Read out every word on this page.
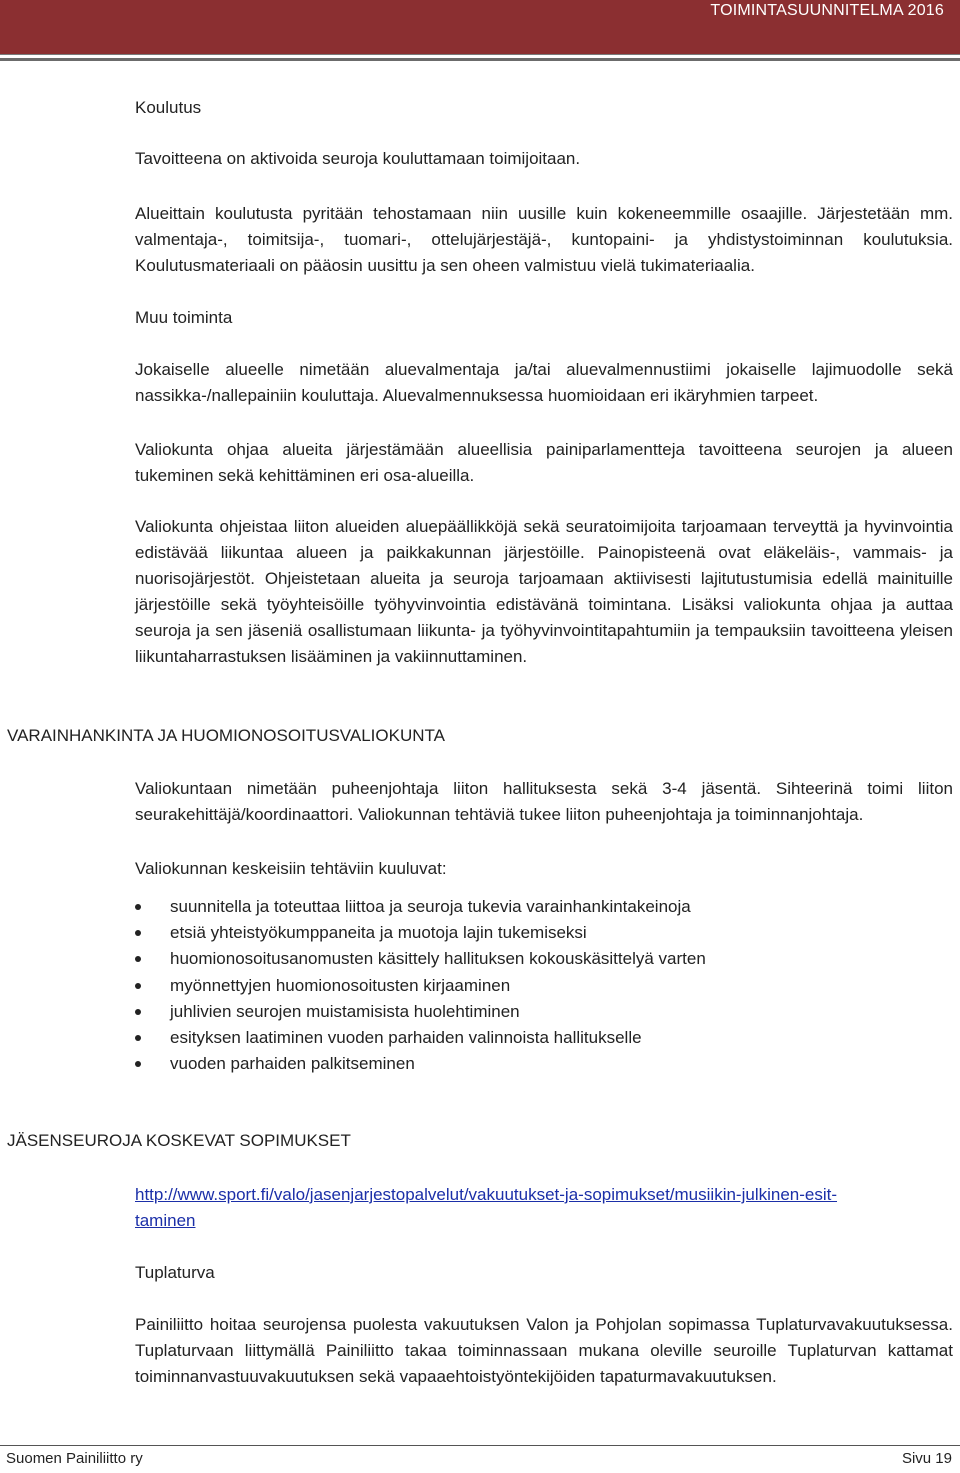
TOIMINTASUUNNITELMA 2016

Koulutus

Tavoitteena on aktivoida seuroja kouluttamaan toimijoitaan.

Alueittain koulutusta pyritään tehostamaan niin uusille kuin kokeneemmille osaajille. Järjestetään mm. valmentaja-, toimitsija-, tuomari-, ottelujärjestäjä-, kuntopaini- ja yhdistystoiminnan koulutuksia. Koulutusmateriaali on pääosin uusittu ja sen oheen valmistuu vielä tukimateriaalia.

Muu toiminta

Jokaiselle alueelle nimetään aluevalmentaja ja/tai aluevalmennustiimi jokaiselle lajimuodolle sekä nassikka-/nallepainiin kouluttaja. Aluevalmennuksessa huomioidaan eri ikäryhmien tarpeet.

Valiokunta ohjaa alueita järjestämään alueellisia painiparlamentteja tavoitteena seurojen ja alueen tukeminen sekä kehittäminen eri osa-alueilla.

Valiokunta ohjeistaa liiton alueiden aluepäällikköjä sekä seuratoimijoita tarjoamaan terveyttä ja hyvinvointia edistävää liikuntaa alueen ja paikkakunnan järjestöille. Painopisteenä ovat eläkeläis-, vammais- ja nuorisojärjestöt. Ohjeistetaan alueita ja seuroja tarjoamaan aktiivisesti lajitutustumisia edellä mainituille järjestöille sekä työyhteisöille työhyvinvointia edistävänä toimintana. Lisäksi valiokunta ohjaa ja auttaa seuroja ja sen jäseniä osallistumaan liikunta- ja työhyvinvointitapahtumiin ja tempauksiin tavoitteena yleisen liikuntaharrastuksen lisääminen ja vakiinnuttaminen.

VARAINHANKINTA JA HUOMIONOSOITUSVALIOKUNTA

Valiokuntaan nimetään puheenjohtaja liiton hallituksesta sekä 3-4 jäsentä. Sihteerinä toimi liiton seurakehittäjä/koordinaattori. Valiokunnan tehtäviä tukee liiton puheenjohtaja ja toiminnanjohtaja.

Valiokunnan keskeisiin tehtäviin kuuluvat:

suunnitella ja toteuttaa liittoa ja seuroja tukevia varainhankintakeinoja
etsiä yhteistyökumppaneita ja muotoja lajin tukemiseksi
huomionosoitusanomusten käsittely hallituksen kokouskäsittelyä varten
myönnettyjen huomionosoitusten kirjaaminen
juhlivien seurojen muistamisista huolehtiminen
esityksen laatiminen vuoden parhaiden valinnoista hallitukselle
vuoden parhaiden palkitseminen

JÄSENSEUROJA KOSKEVAT SOPIMUKSET

http://www.sport.fi/valo/jasenjarjestopalvelut/vakuutukset-ja-sopimukset/musiikin-julkinen-esit-
taminen

Tuplaturva

Painiliitto hoitaa seurojensa puolesta vakuutuksen Valon ja Pohjolan sopimassa Tuplaturvavakuutuksessa. Tuplaturvaan liittymällä Painiliitto takaa toiminnassaan mukana oleville seuroille Tuplaturvan kattamat toiminnanvastuuvakuutuksen sekä vapaaehtoistyöntekijöiden tapaturmavakuutuksen.

Suomen Painiliitto ry	Sivu 19
